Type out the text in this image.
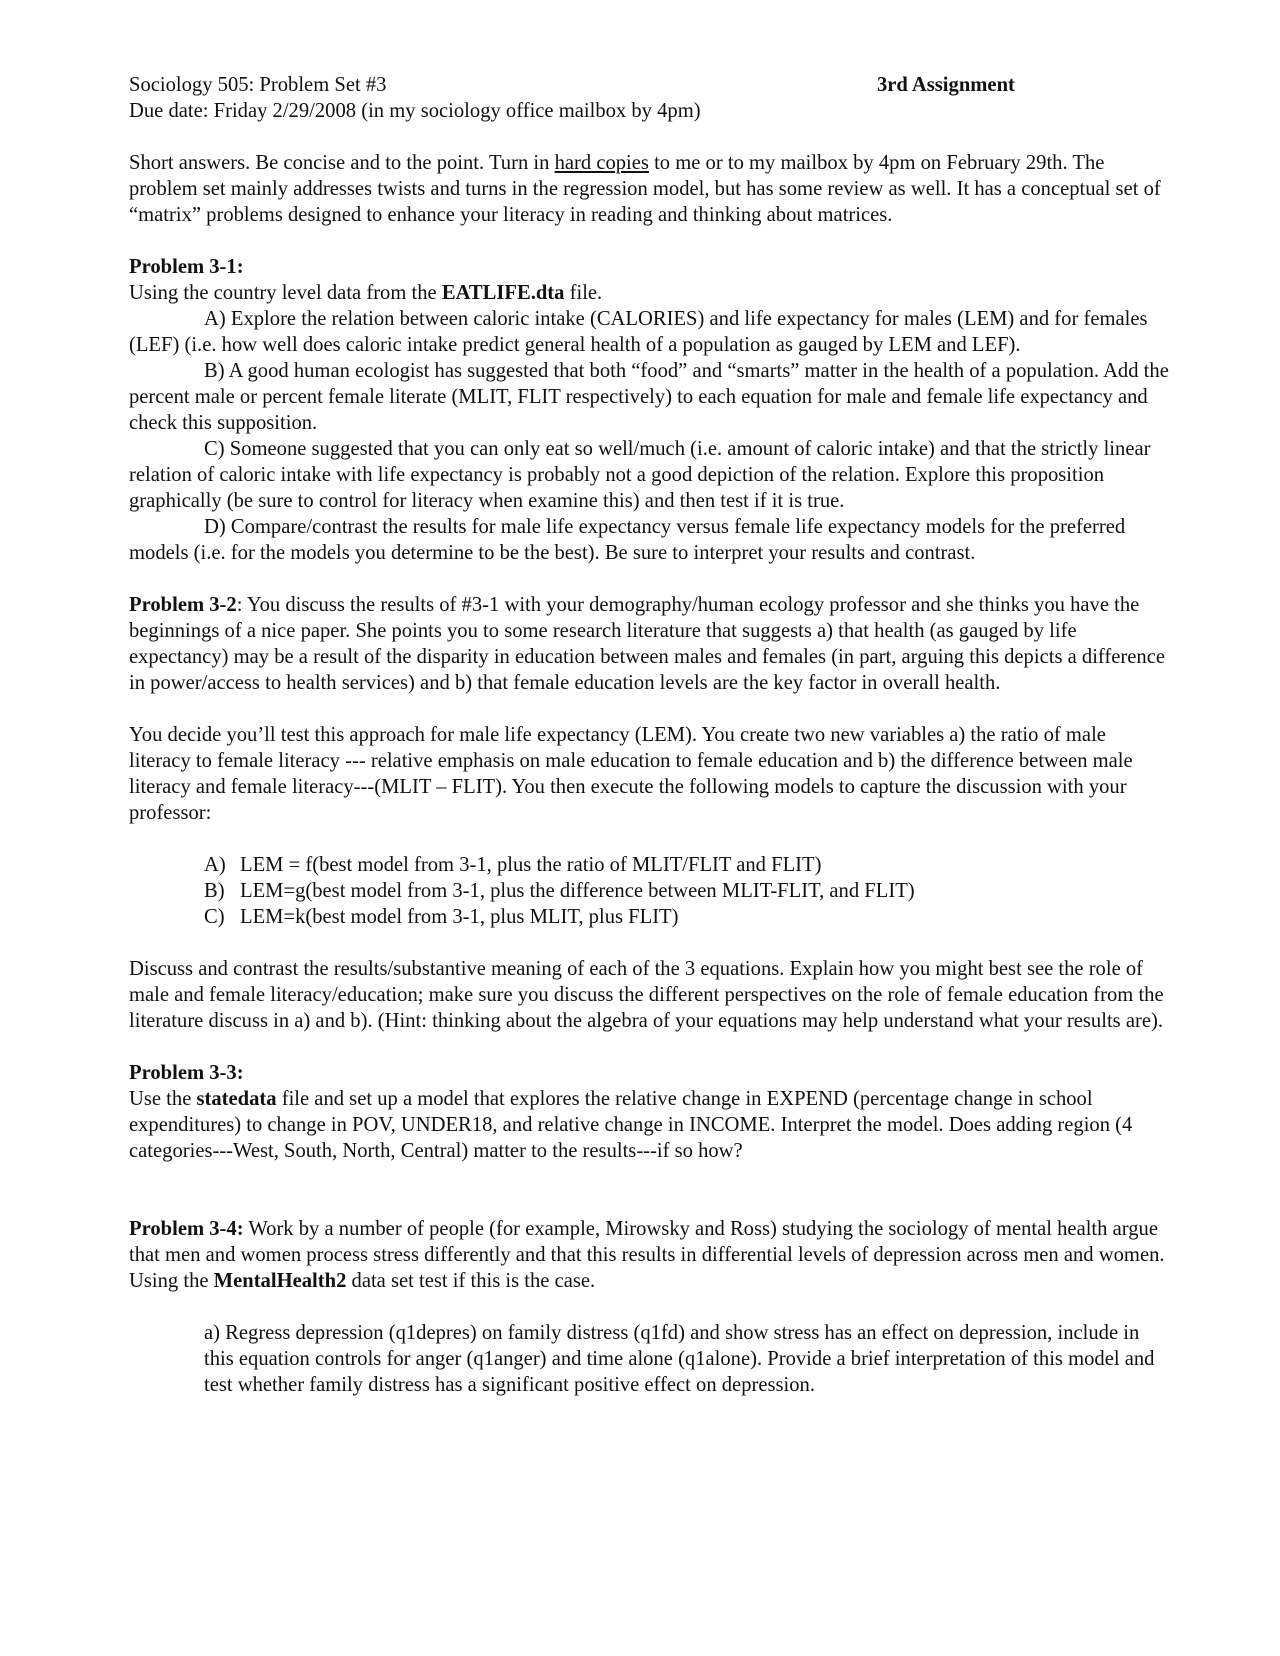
Sociology 505: Problem Set #3	3rd Assignment

Due date: Friday 2/29/2008 (in my sociology office mailbox by 4pm)

Short answers. Be concise and to the point. Turn in hard copies to me or to my mailbox by 4pm on February 29th. The problem set mainly addresses twists and turns in the regression model, but has some review as well. It has a conceptual set of “matrix” problems designed to enhance your literacy in reading and thinking about matrices.

Problem 3-1:

Using the country level data from the EATLIFE.dta file.

A) Explore the relation between caloric intake (CALORIES) and life expectancy for males (LEM) and for females (LEF) (i.e. how well does caloric intake predict general health of a population as gauged by LEM and LEF).

B) A good human ecologist has suggested that both “food” and “smarts” matter in the health of a population. Add the percent male or percent female literate (MLIT, FLIT respectively) to each equation for male and female life expectancy and check this supposition.

C) Someone suggested that you can only eat so well/much (i.e. amount of caloric intake) and that the strictly linear relation of caloric intake with life expectancy is probably not a good depiction of the relation. Explore this proposition graphically (be sure to control for literacy when examine this) and then test if it is true.

D) Compare/contrast the results for male life expectancy versus female life expectancy models for the preferred models (i.e. for the models you determine to be the best). Be sure to interpret your results and contrast.

Problem 3-2: You discuss the results of #3-1 with your demography/human ecology professor and she thinks you have the beginnings of a nice paper. She points you to some research literature that suggests a) that health (as gauged by life expectancy) may be a result of the disparity in education between males and females (in part, arguing this depicts a difference in power/access to health services) and b) that female education levels are the key factor in overall health.

You decide you’ll test this approach for male life expectancy (LEM). You create two new variables a) the ratio of male literacy to female literacy --- relative emphasis on male education to female education and b) the difference between male literacy and female literacy---(MLIT – FLIT). You then execute the following models to capture the discussion with your professor:

A) LEM = f(best model from 3-1, plus the ratio of MLIT/FLIT and FLIT)
B) LEM=g(best model from 3-1, plus the difference between MLIT-FLIT, and FLIT)
C) LEM=k(best model from 3-1, plus MLIT, plus FLIT)

Discuss and contrast the results/substantive meaning of each of the 3 equations. Explain how you might best see the role of male and female literacy/education; make sure you discuss the different perspectives on the role of female education from the literature discuss in a) and b). (Hint: thinking about the algebra of your equations may help understand what your results are).

Problem 3-3:

Use the statedata file and set up a model that explores the relative change in EXPEND (percentage change in school expenditures) to change in POV, UNDER18, and relative change in INCOME. Interpret the model. Does adding region (4 categories---West, South, North, Central) matter to the results---if so how?

Problem 3-4: Work by a number of people (for example, Mirowsky and Ross) studying the sociology of mental health argue that men and women process stress differently and that this results in differential levels of depression across men and women. Using the MentalHealth2 data set test if this is the case.

a) Regress depression (q1depres) on family distress (q1fd) and show stress has an effect on depression, include in this equation controls for anger (q1anger) and time alone (q1alone). Provide a brief interpretation of this model and test whether family distress has a significant positive effect on depression.
